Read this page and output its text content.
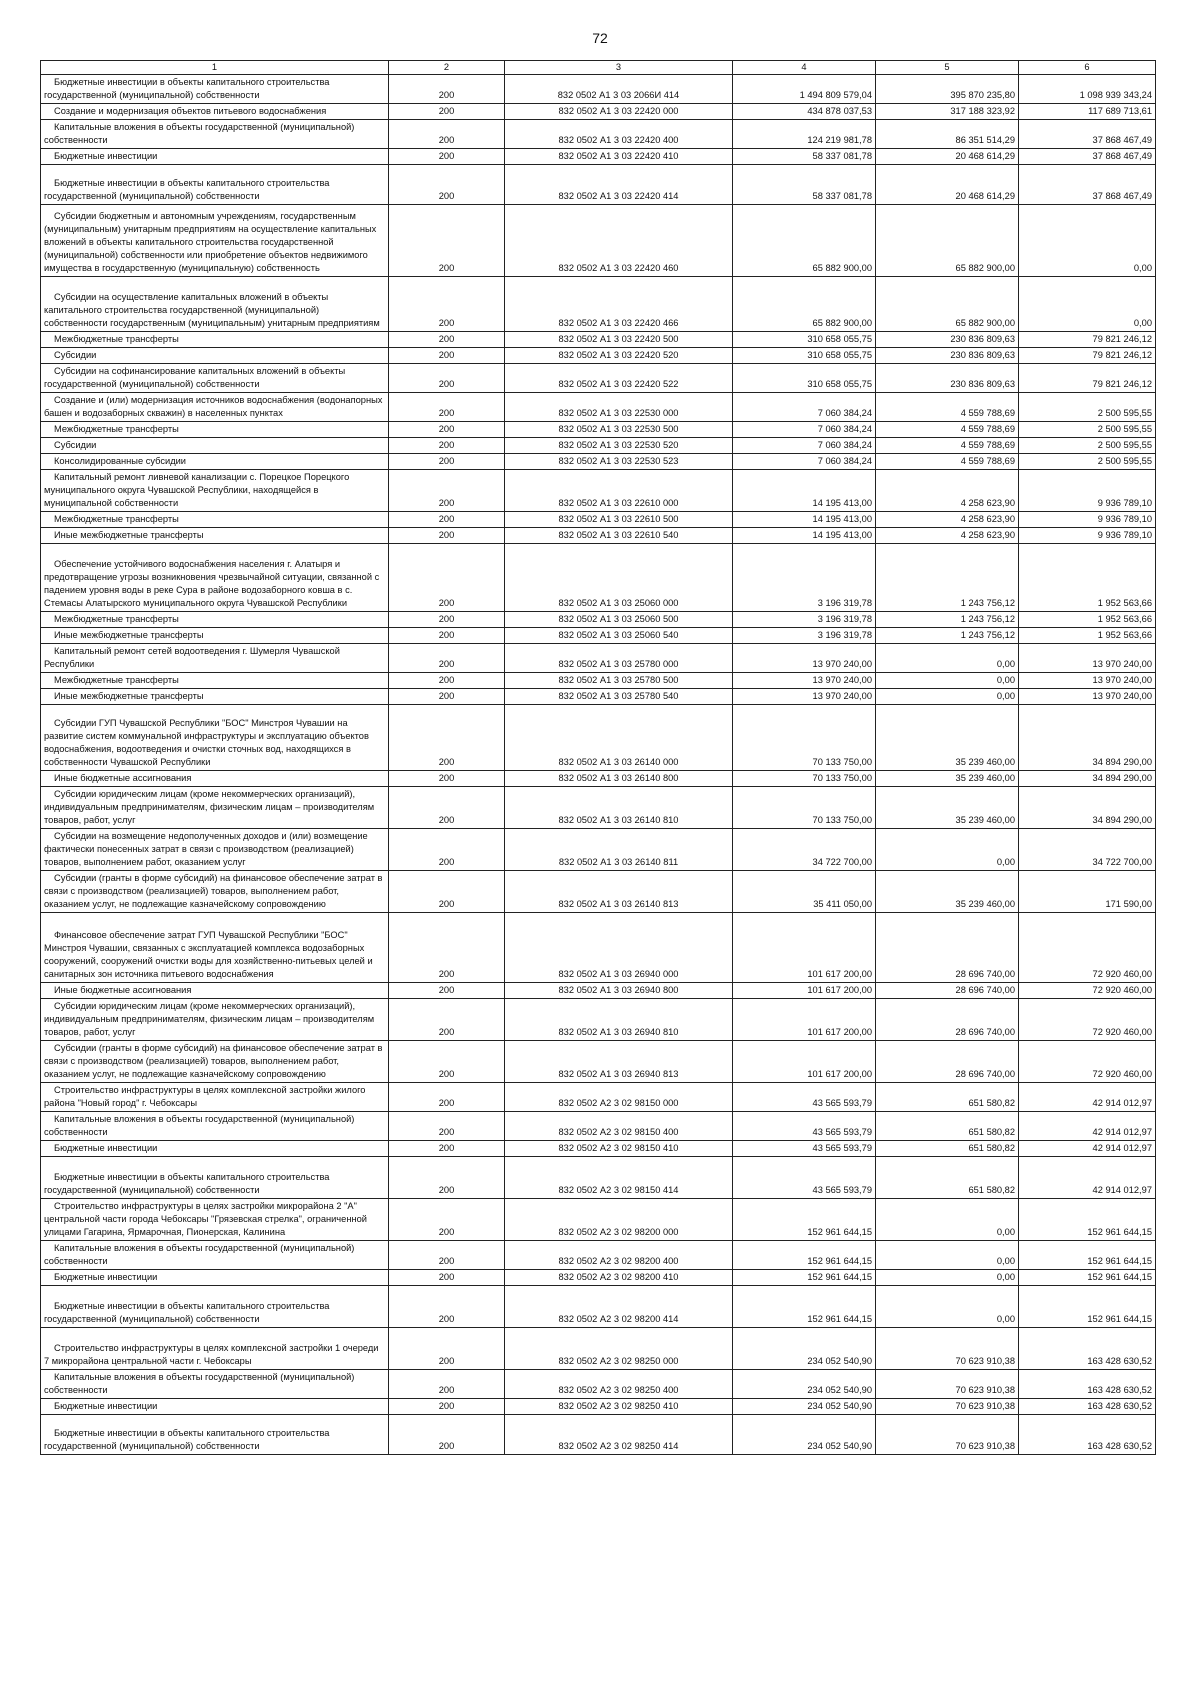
72
1	2	3	4	5	6
Бюджетные инвестиции в объекты капитального строительства государственной (муниципальной) собственности	200	832 0502 А1 3 03 2066И 414	1 494 809 579,04	395 870 235,80	1 098 939 343,24
Создание и модернизация объектов питьевого водоснабжения	200	832 0502 А1 3 03 22420 000	434 878 037,53	317 188 323,92	117 689 713,61
Капитальные вложения в объекты государственной (муниципальной) собственности	200	832 0502 А1 3 03 22420 400	124 219 981,78	86 351 514,29	37 868 467,49
Бюджетные инвестиции	200	832 0502 А1 3 03 22420 410	58 337 081,78	20 468 614,29	37 868 467,49
Бюджетные инвестиции в объекты капитального строительства государственной (муниципальной) собственности	200	832 0502 А1 3 03 22420 414	58 337 081,78	20 468 614,29	37 868 467,49
Субсидии бюджетным и автономным учреждениям, государственным (муниципальным) унитарным предприятиям на осуществление капитальных вложений в объекты капитального строительства государственной (муниципальной) собственности или приобретение объектов недвижимого имущества в государственную (муниципальную) собственность	200	832 0502 А1 3 03 22420 460	65 882 900,00	65 882 900,00	0,00
Субсидии на осуществление капитальных вложений в объекты капитального строительства государственной (муниципальной) собственности государственным (муниципальным) унитарным предприятиям	200	832 0502 А1 3 03 22420 466	65 882 900,00	65 882 900,00	0,00
Межбюджетные трансферты	200	832 0502 А1 3 03 22420 500	310 658 055,75	230 836 809,63	79 821 246,12
Субсидии	200	832 0502 А1 3 03 22420 520	310 658 055,75	230 836 809,63	79 821 246,12
Субсидии на софинансирование капитальных вложений в объекты государственной (муниципальной) собственности	200	832 0502 А1 3 03 22420 522	310 658 055,75	230 836 809,63	79 821 246,12
Создание и (или) модернизация источников водоснабжения (водонапорных башен и водозаборных скважин) в населенных пунктах	200	832 0502 А1 3 03 22530 000	7 060 384,24	4 559 788,69	2 500 595,55
Межбюджетные трансферты	200	832 0502 А1 3 03 22530 500	7 060 384,24	4 559 788,69	2 500 595,55
Субсидии	200	832 0502 А1 3 03 22530 520	7 060 384,24	4 559 788,69	2 500 595,55
Консолидированные субсидии	200	832 0502 А1 3 03 22530 523	7 060 384,24	4 559 788,69	2 500 595,55
Капитальный ремонт ливневой канализации с. Порецкое Порецкого муниципального округа Чувашской Республики, находящейся в муниципальной собственности	200	832 0502 А1 3 03 22610 000	14 195 413,00	4 258 623,90	9 936 789,10
Межбюджетные трансферты	200	832 0502 А1 3 03 22610 500	14 195 413,00	4 258 623,90	9 936 789,10
Иные межбюджетные трансферты	200	832 0502 А1 3 03 22610 540	14 195 413,00	4 258 623,90	9 936 789,10
Обеспечение устойчивого водоснабжения населения г. Алатыря и предотвращение угрозы возникновения чрезвычайной ситуации, связанной с падением уровня воды в реке Сура в районе водозаборного ковша в с. Стемасы Алатырского муниципального округа Чувашской Республики	200	832 0502 А1 3 03 25060 000	3 196 319,78	1 243 756,12	1 952 563,66
Межбюджетные трансферты	200	832 0502 А1 3 03 25060 500	3 196 319,78	1 243 756,12	1 952 563,66
Иные межбюджетные трансферты	200	832 0502 А1 3 03 25060 540	3 196 319,78	1 243 756,12	1 952 563,66
Капитальный ремонт сетей водоотведения г. Шумерля Чувашской Республики	200	832 0502 А1 3 03 25780 000	13 970 240,00	0,00	13 970 240,00
Межбюджетные трансферты	200	832 0502 А1 3 03 25780 500	13 970 240,00	0,00	13 970 240,00
Иные межбюджетные трансферты	200	832 0502 А1 3 03 25780 540	13 970 240,00	0,00	13 970 240,00
Субсидии ГУП Чувашской Республики "БОС" Минстроя Чувашии на развитие систем коммунальной инфраструктуры и эксплуатацию объектов водоснабжения, водоотведения и очистки сточных вод, находящихся в собственности Чувашской Республики	200	832 0502 А1 3 03 26140 000	70 133 750,00	35 239 460,00	34 894 290,00
Иные бюджетные ассигнования	200	832 0502 А1 3 03 26140 800	70 133 750,00	35 239 460,00	34 894 290,00
Субсидии юридическим лицам (кроме некоммерческих организаций), индивидуальным предпринимателям, физическим лицам – производителям товаров, работ, услуг	200	832 0502 А1 3 03 26140 810	70 133 750,00	35 239 460,00	34 894 290,00
Субсидии на возмещение недополученных доходов и (или) возмещение фактически понесенных затрат в связи с производством (реализацией) товаров, выполнением работ, оказанием услуг	200	832 0502 А1 3 03 26140 811	34 722 700,00	0,00	34 722 700,00
Субсидии (гранты в форме субсидий) на финансовое обеспечение затрат в связи с производством (реализацией) товаров, выполнением работ, оказанием услуг, не подлежащие казначейскому сопровождению	200	832 0502 А1 3 03 26140 813	35 411 050,00	35 239 460,00	171 590,00
Финансовое обеспечение затрат ГУП Чувашской Республики "БОС" Минстроя Чувашии, связанных с эксплуатацией комплекса водозаборных сооружений, сооружений очистки воды для хозяйственно-питьевых целей и санитарных зон источника питьевого водоснабжения	200	832 0502 А1 3 03 26940 000	101 617 200,00	28 696 740,00	72 920 460,00
Иные бюджетные ассигнования	200	832 0502 А1 3 03 26940 800	101 617 200,00	28 696 740,00	72 920 460,00
Субсидии юридическим лицам (кроме некоммерческих организаций), индивидуальным предпринимателям, физическим лицам – производителям товаров, работ, услуг	200	832 0502 А1 3 03 26940 810	101 617 200,00	28 696 740,00	72 920 460,00
Субсидии (гранты в форме субсидий) на финансовое обеспечение затрат в связи с производством (реализацией) товаров, выполнением работ, оказанием услуг, не подлежащие казначейскому сопровождению	200	832 0502 А1 3 03 26940 813	101 617 200,00	28 696 740,00	72 920 460,00
Строительство инфраструктуры в целях комплексной застройки жилого района "Новый город" г. Чебоксары	200	832 0502 А2 3 02 98150 000	43 565 593,79	651 580,82	42 914 012,97
Капитальные вложения в объекты государственной (муниципальной) собственности	200	832 0502 А2 3 02 98150 400	43 565 593,79	651 580,82	42 914 012,97
Бюджетные инвестиции	200	832 0502 А2 3 02 98150 410	43 565 593,79	651 580,82	42 914 012,97
Бюджетные инвестиции в объекты капитального строительства государственной (муниципальной) собственности	200	832 0502 А2 3 02 98150 414	43 565 593,79	651 580,82	42 914 012,97
Строительство инфраструктуры в целях застройки микрорайона 2 "А" центральной части города Чебоксары "Грязевская стрелка", ограниченной улицами Гагарина, Ярмарочная, Пионерская, Калинина	200	832 0502 А2 3 02 98200 000	152 961 644,15	0,00	152 961 644,15
Капитальные вложения в объекты государственной (муниципальной) собственности	200	832 0502 А2 3 02 98200 400	152 961 644,15	0,00	152 961 644,15
Бюджетные инвестиции	200	832 0502 А2 3 02 98200 410	152 961 644,15	0,00	152 961 644,15
Бюджетные инвестиции в объекты капитального строительства государственной (муниципальной) собственности	200	832 0502 А2 3 02 98200 414	152 961 644,15	0,00	152 961 644,15
Строительство инфраструктуры в целях комплексной застройки 1 очереди 7 микрорайона центральной части г. Чебоксары	200	832 0502 А2 3 02 98250 000	234 052 540,90	70 623 910,38	163 428 630,52
Капитальные вложения в объекты государственной (муниципальной) собственности	200	832 0502 А2 3 02 98250 400	234 052 540,90	70 623 910,38	163 428 630,52
Бюджетные инвестиции	200	832 0502 А2 3 02 98250 410	234 052 540,90	70 623 910,38	163 428 630,52
Бюджетные инвестиции в объекты капитального строительства государственной (муниципальной) собственности	200	832 0502 А2 3 02 98250 414	234 052 540,90	70 623 910,38	163 428 630,52
